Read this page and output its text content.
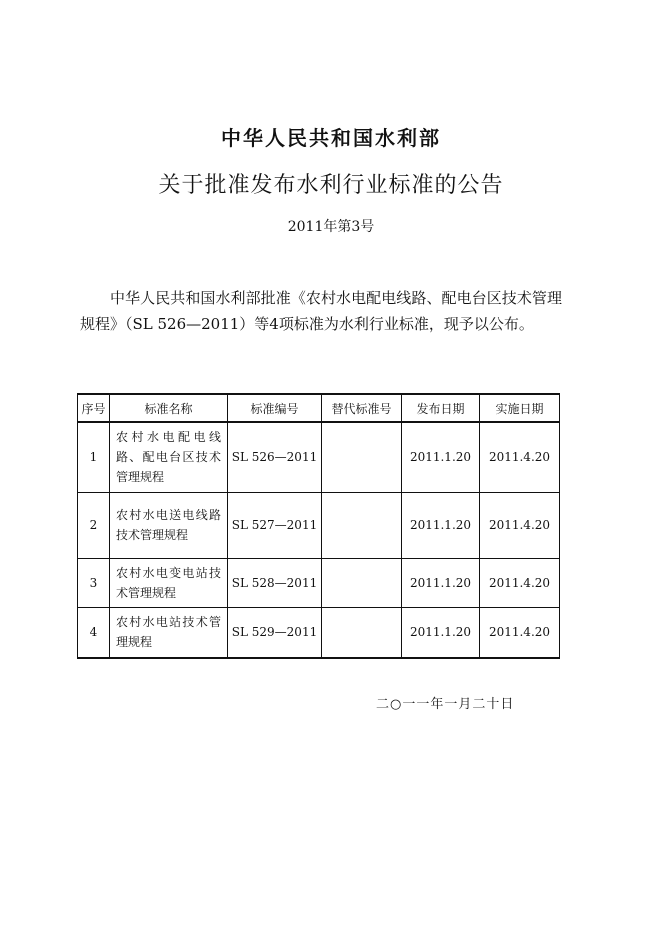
中华人民共和国水利部
关于批准发布水利行业标准的公告
2011年第3号

中华人民共和国水利部批准《农村水电配电线路、配电台区技术管理规程》（SL 526—2011）等4项标准为水利行业标准，现予以公布。

序号	标准名称	标准编号	替代标准号	发布日期	实施日期
1	农村水电配电线路、配电台区技术管理规程	SL 526—2011		2011.1.20	2011.4.20
2	农村水电送电线路技术管理规程	SL 527—2011		2011.1.20	2011.4.20
3	农村水电变电站技术管理规程	SL 528—2011		2011.1.20	2011.4.20
4	农村水电站技术管理规程	SL 529—2011		2011.1.20	2011.4.20
二○一一年一月二十日
